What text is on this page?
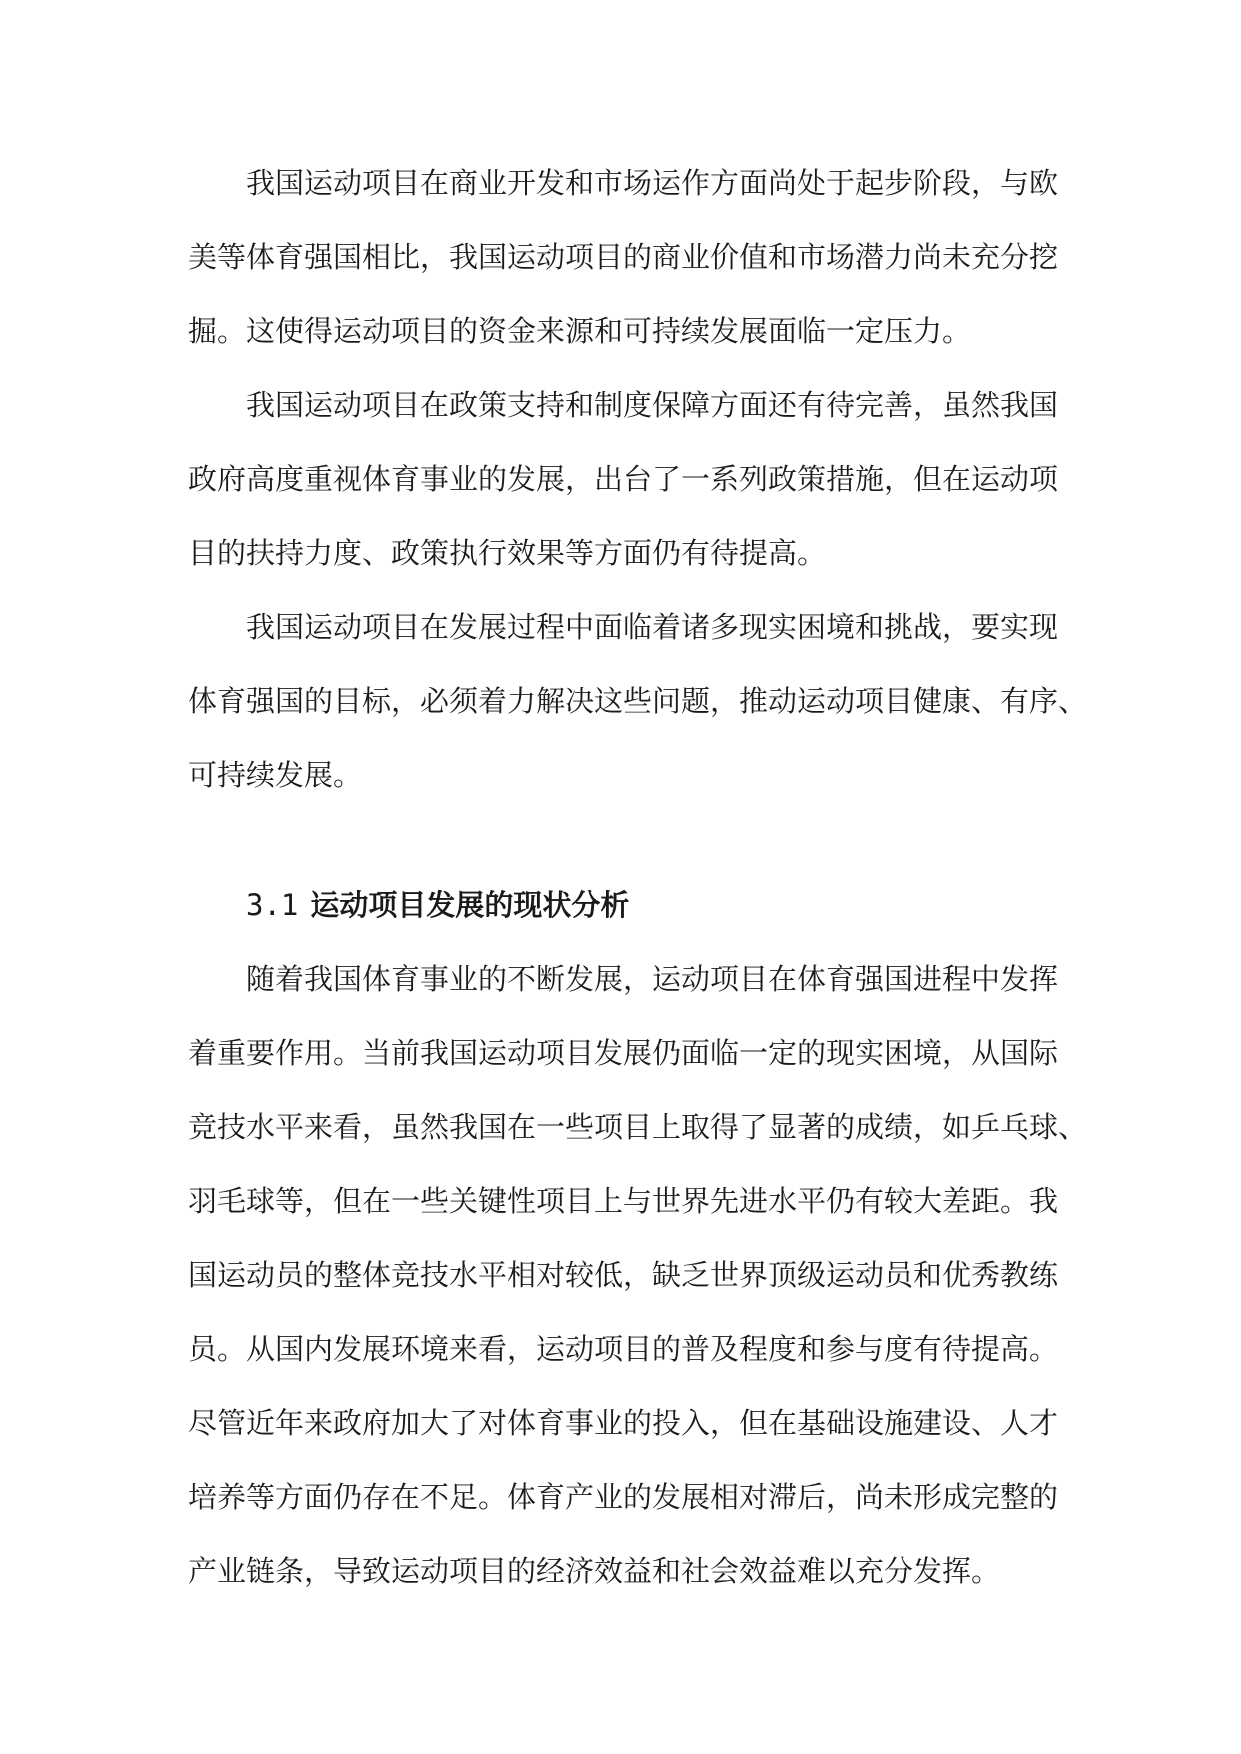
我国运动项目在商业开发和市场运作方面尚处于起步阶段，与欧
美等体育强国相比，我国运动项目的商业价值和市场潜力尚未充分挖
掘。这使得运动项目的资金来源和可持续发展面临一定压力。
我国运动项目在政策支持和制度保障方面还有待完善，虽然我国
政府高度重视体育事业的发展，出台了一系列政策措施，但在运动项
目的扶持力度、政策执行效果等方面仍有待提高。
我国运动项目在发展过程中面临着诸多现实困境和挑战，要实现
体育强国的目标，必须着力解决这些问题，推动运动项目健康、有序、
可持续发展。
3.1 运动项目发展的现状分析
随着我国体育事业的不断发展，运动项目在体育强国进程中发挥
着重要作用。当前我国运动项目发展仍面临一定的现实困境，从国际
竞技水平来看，虽然我国在一些项目上取得了显著的成绩，如乒乓球、
羽毛球等，但在一些关键性项目上与世界先进水平仍有较大差距。我
国运动员的整体竞技水平相对较低，缺乏世界顶级运动员和优秀教练
员。从国内发展环境来看，运动项目的普及程度和参与度有待提高。
尽管近年来政府加大了对体育事业的投入，但在基础设施建设、人才
培养等方面仍存在不足。体育产业的发展相对滞后，尚未形成完整的
产业链条，导致运动项目的经济效益和社会效益难以充分发挥。
